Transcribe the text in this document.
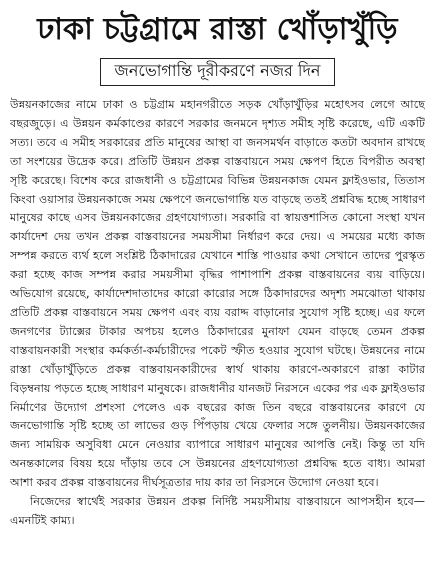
ঢাকা চট্টগ্রামে রাস্তা খোঁড়াখুঁড়ি
জনভোগান্তি দূরীকরণে নজর দিন

উন্নয়নকাজের নামে ঢাকা ও চট্টগ্রাম মহানগরীতে সড়ক খোঁড়াখুঁড়ির মহোৎসব লেগে আছে বছরজুড়ে। এ উন্নয়ন কর্মকাণ্ডের কারণে সরকার জনমনে দৃশ্যত সমীহ সৃষ্টি করেছে, এটি একটি সত্য। তবে এ সমীহ সরকারের প্রতি মানুষের আস্থা বা জনসমর্থন বাড়াতে কতটা অবদান রাখছে তা সংশয়ের উদ্রেক করে। প্রতিটি উন্নয়ন প্রকল্প বাস্তবায়নে সময় ক্ষেপণ হিতে বিপরীত অবস্থা সৃষ্টি করেছে। বিশেষ করে রাজধানী ও চট্টগ্রামের বিভিন্ন উন্নয়নকাজ যেমন ফ্লাইওভার, তিতাস কিংবা ওয়াসার উন্নয়নকাজে সময় ক্ষেপণে জনভোগান্তি যত বাড়ছে ততই প্রশ্নবিদ্ধ হচ্ছে সাধারণ মানুষের কাছে এসব উন্নয়নকাজের গ্রহণযোগ্যতা। সরকারি বা স্বায়ত্তশাসিত কোনো সংস্থা যখন কার্যাদেশ দেয় তখন প্রকল্প বাস্তবায়নের সময়সীমা নির্ধারণ করে দেয়। এ সময়ের মধ্যে কাজ সম্পন্ন করতে ব্যর্থ হলে সংশ্লিষ্ট ঠিকাদারের যেখানে শাস্তি পাওয়ার কথা সেখানে তাদের পুরস্কৃত করা হচ্ছে কাজ সম্পন্ন করার সময়সীমা বৃদ্ধির পাশাপাশি প্রকল্প বাস্তবায়নের ব্যয় বাড়িয়ে। অভিযোগ রয়েছে, কার্যাদেশদাতাদের কারো কারোর সঙ্গে ঠিকাদারদের অদৃশ্য সমঝোতা থাকায় প্রতিটি প্রকল্প বাস্তবায়নে সময় ক্ষেপণ এবং ব্যয় বরাদ্দ বাড়ানোর সুযোগ সৃষ্টি হচ্ছে। এর ফলে জনগণের ট্যাক্সের টাকার অপচয় হলেও ঠিকাদারের মুনাফা যেমন বাড়ছে তেমন প্রকল্প বাস্তবায়নকারী সংস্থার কর্মকর্তা-কর্মচারীদের পকেট স্ফীত হওয়ার সুযোগ ঘটছে। উন্নয়নের নামে রাস্তা খোঁড়াখুঁড়িতে প্রকল্প বাস্তবায়নকারীদের স্বার্থ থাকায় কারণে-অকারণে রাস্তা কাটার বিড়ম্বনায় পড়তে হচ্ছে সাধারণ মানুষকে। রাজধানীর যানজট নিরসনে একের পর এক ফ্লাইওভার নির্মাণের উদ্যোগ প্রশংসা পেলেও এক বছরের কাজ তিন বছরে বাস্তবায়নের কারণে যে জনভোগান্তি সৃষ্টি হচ্ছে তা লাভের গুড় পিঁপড়ায় খেয়ে ফেলার সঙ্গে তুলনীয়। উন্নয়নকাজের জন্য সাময়িক অসুবিধা মেনে নেওয়ার ব্যাপারে সাধারণ মানুষের আপত্তি নেই। কিন্তু তা যদি অনন্তকালের বিষয় হয়ে দাঁড়ায় তবে সে উন্নয়নের গ্রহণযোগ্যতা প্রশ্নবিদ্ধ হতে বাধ্য। আমরা আশা করব প্রকল্প বাস্তবায়নের দীর্ঘসূত্রতার দায় কার তা নিরসনে উদ্যোগ নেওয়া হবে।

নিজেদের স্বার্থেই সরকার উন্নয়ন প্রকল্প নির্দিষ্ট সময়সীমায় বাস্তবায়নে আপসহীন হবে— এমনটিই কাম্য।
